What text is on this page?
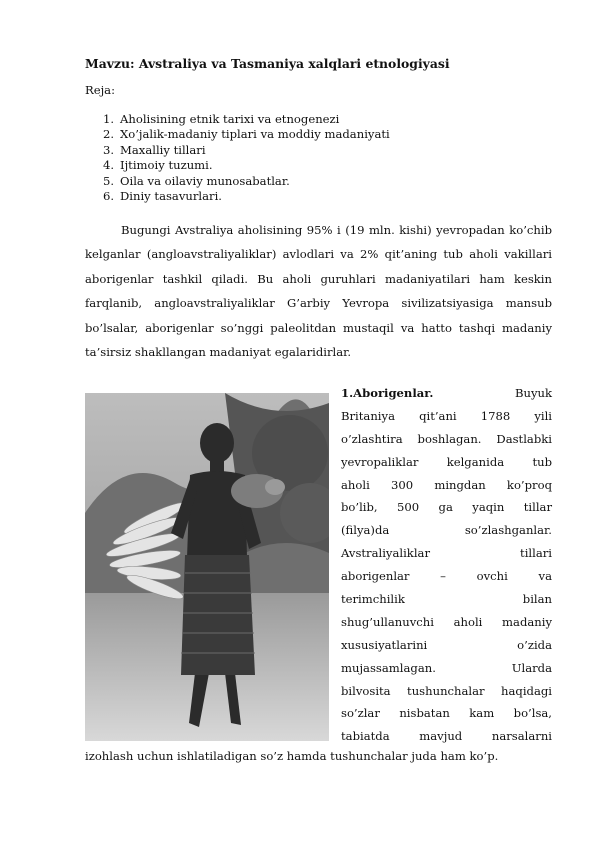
Mavzu: Avstraliya va Tasmaniya xalqlari etnologiyasi
Reja:
1. Aholisining etnik tarixi va etnogenezi
2. Xo’jalik-madaniy tiplari va moddiy madaniyati
3. Maxalliy tillari
4. Ijtimoiy tuzumi.
5. Oila va oilaviy munosabatlar.
6. Diniy tasavurlari.

Bugungi Avstraliya aholisining 95% i (19 mln. kishi) yevropadan ko’chib kelganlar (angloavstraliyaliklar) avlodlari va 2% qit’aning tub aholi vakillari aborigenlar tashkil qiladi. Bu aholi guruhlari madaniyatilari ham keskin farqlanib, angloavstraliyaliklar G’arbiy Yevropa sivilizatsiyasiga mansub bo’lsalar, aborigenlar so’nggi paleolitdan mustaqil va hatto tashqi madaniy ta’sirsiz shakllangan madaniyat egalaridirlar.

1.Aborigenlar.	Buyuk
Britaniya qit’ani 1788 yili
o’zlashtira boshlagan. Dastlabki
yevropaliklar kelganida tub
aholi 300 mingdan ko’proq
bo’lib, 500 ga yaqin tillar
(filya)da so’zlashganlar.
Avstraliyaliklar tillari
aborigenlar – ovchi va
terimchilik bilan
shug’ullanuvchi aholi madaniy
xususiyatlarini o’zida
mujassamlagan. Ularda
bilvosita tushunchalar haqidagi
so’zlar nisbatan kam bo’lsa,
tabiatda mavjud narsalarni
izohlash uchun ishlatiladigan so’z hamda tushunchalar juda ham ko’p.
